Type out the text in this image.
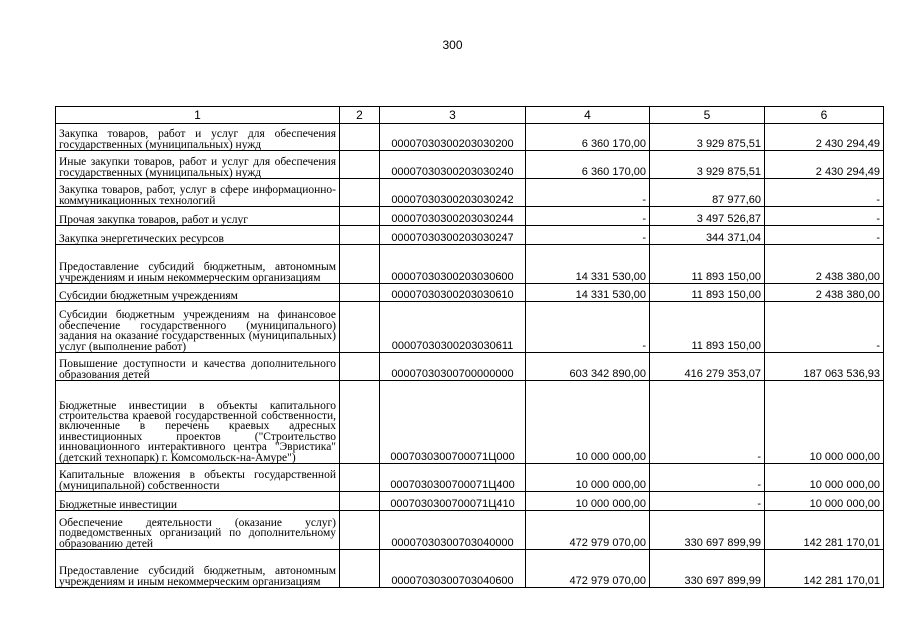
300
1	2	3	4	5	6
Закупка товаров, работ и услуг для обеспечения государственных (муниципальных) нужд		00007030300203030200	6 360 170,00	3 929 875,51	2 430 294,49
Иные закупки товаров, работ и услуг для обеспечения государственных (муниципальных) нужд		00007030300203030240	6 360 170,00	3 929 875,51	2 430 294,49
Закупка товаров, работ, услуг в сфере информационно-коммуникационных технологий		00007030300203030242	-	87 977,60	-
Прочая закупка товаров, работ и услуг		00007030300203030244	-	3 497 526,87	-
Закупка энергетических ресурсов		00007030300203030247	-	344 371,04	-
Предоставление субсидий бюджетным, автономным учреждениям и иным некоммерческим организациям		00007030300203030600	14 331 530,00	11 893 150,00	2 438 380,00
Субсидии бюджетным учреждениям		00007030300203030610	14 331 530,00	11 893 150,00	2 438 380,00
Субсидии бюджетным учреждениям на финансовое обеспечение государственного (муниципального) задания на оказание государственных (муниципальных) услуг (выполнение работ)		00007030300203030611	-	11 893 150,00	-
Повышение доступности и качества дополнительного образования детей		00007030300700000000	603 342 890,00	416 279 353,07	187 063 536,93
Бюджетные инвестиции в объекты капитального строительства краевой государственной собственности, включенные в перечень краевых адресных инвестиционных проектов ("Строительство инновационного интерактивного центра "Эвристика" (детский технопарк) г. Комсомольск-на-Амуре")		0007030300700071Ц000	10 000 000,00	-	10 000 000,00
Капитальные вложения в объекты государственной (муниципальной) собственности		0007030300700071Ц400	10 000 000,00	-	10 000 000,00
Бюджетные инвестиции		0007030300700071Ц410	10 000 000,00	-	10 000 000,00
Обеспечение деятельности (оказание услуг) подведомственных организаций по дополнительному образованию детей		00007030300703040000	472 979 070,00	330 697 899,99	142 281 170,01
Предоставление субсидий бюджетным, автономным учреждениям и иным некоммерческим организациям		00007030300703040600	472 979 070,00	330 697 899,99	142 281 170,01
